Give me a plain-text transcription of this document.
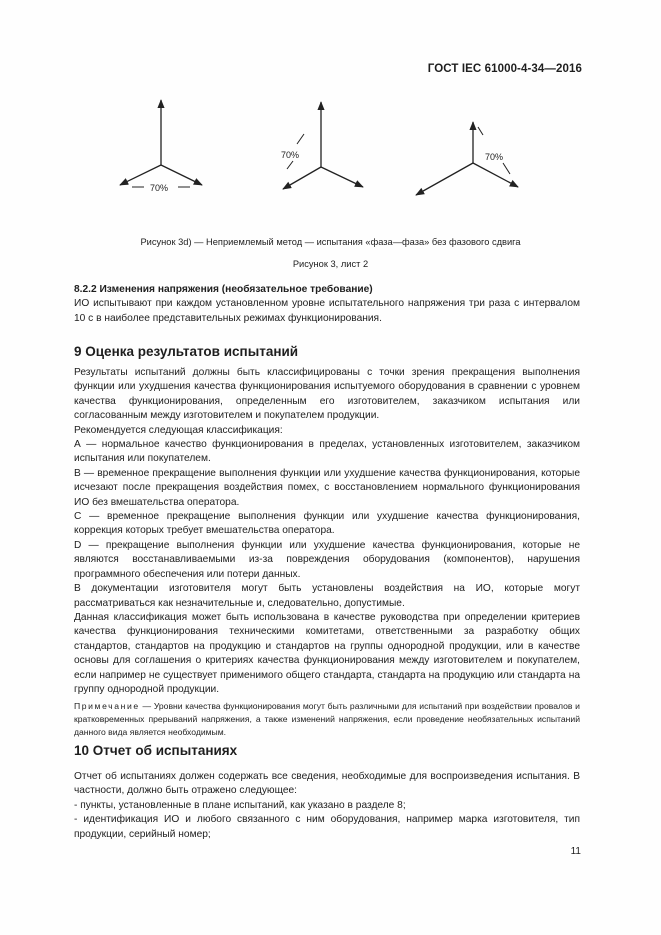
ГОСТ IEC 61000-4-34—2016
70%
70%	70%
Рисунок 3d) — Неприемлемый метод — испытания «фаза—фаза» без фазового сдвига
Рисунок 3, лист 2

8.2.2 Изменения напряжения (необязательное требование)

ИО испытывают при каждом установленном уровне испытательного напряжения три раза с интервалом 10 с в наиболее представительных режимах функционирования.

9 Оценка результатов испытаний

Результаты испытаний должны быть классифицированы с точки зрения прекращения выполнения функции или ухудшения качества функционирования испытуемого оборудования в сравнении с уровнем качества функционирования, определенным его изготовителем, заказчиком испытания или согласованным между изготовителем и покупателем продукции.

Рекомендуется следующая классификация:

А — нормальное качество функционирования в пределах, установленных изготовителем, заказчиком испытания или покупателем.

В — временное прекращение выполнения функции или ухудшение качества функционирования, которые исчезают после прекращения воздействия помех, с восстановлением нормального функционирования ИО без вмешательства оператора.

С — временное прекращение выполнения функции или ухудшение качества функционирования, коррекция которых требует вмешательства оператора.

D — прекращение выполнения функции или ухудшение качества функционирования, которые не являются восстанавливаемыми из-за повреждения оборудования (компонентов), нарушения программного обеспечения или потери данных.

В документации изготовителя могут быть установлены воздействия на ИО, которые могут рассматриваться как незначительные и, следовательно, допустимые.

Данная классификация может быть использована в качестве руководства при определении критериев качества функционирования техническими комитетами, ответственными за разработку общих стандартов, стандартов на продукцию и стандартов на группы однородной продукции, или в качестве основы для соглашения о критериях качества функционирования между изготовителем и покупателем, если например не существует применимого общего стандарта, стандарта на продукцию или стандарта на группу однородной продукции.

Примечание — Уровни качества функционирования могут быть различными для испытаний при воздействии провалов и кратковременных прерываний напряжения, а также изменений напряжения, если проведение необязательных испытаний данного вида является необходимым.

10 Отчет об испытаниях

Отчет об испытаниях должен содержать все сведения, необходимые для воспроизведения испытания. В частности, должно быть отражено следующее:

- пункты, установленные в плане испытаний, как указано в разделе 8;

- идентификация ИО и любого связанного с ним оборудования, например марка изготовителя, тип продукции, серийный номер;

11
